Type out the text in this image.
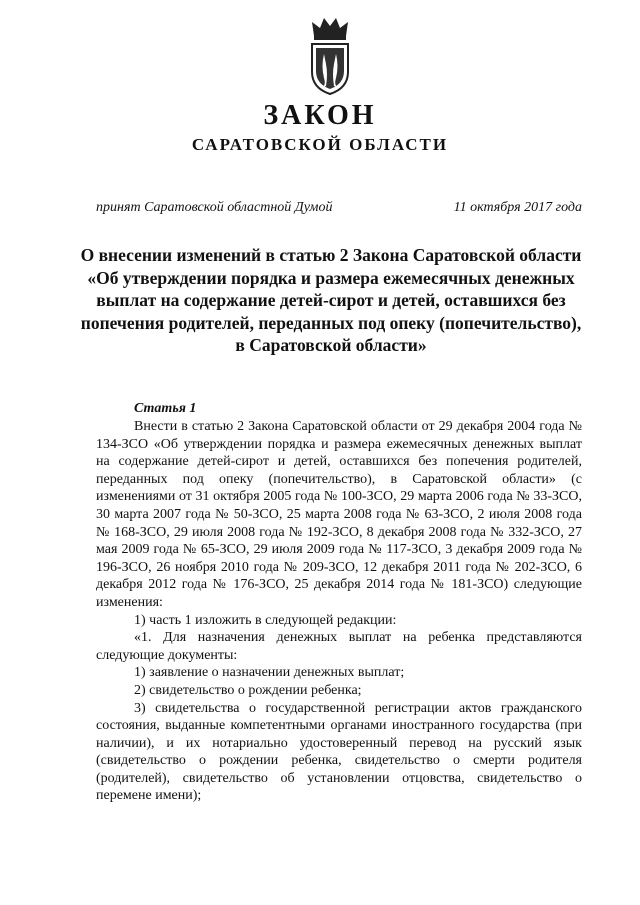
ЗАКОН
САРАТОВСКОЙ ОБЛАСТИ
принят Саратовской областной Думой	11 октября 2017 года
О внесении изменений в статью 2 Закона Саратовской области «Об утверждении порядка и размера ежемесячных денежных выплат на содержание детей-сирот и детей, оставшихся без попечения родителей, переданных под опеку (попечительство), в Саратовской области»
Статья 1

Внести в статью 2 Закона Саратовской области от 29 декабря 2004 года № 134-ЗСО «Об утверждении порядка и размера ежемесячных денежных выплат на содержание детей-сирот и детей, оставшихся без попечения родителей, переданных под опеку (попечительство), в Саратовской области» (с изменениями от 31 октября 2005 года № 100-ЗСО, 29 марта 2006 года № 33-ЗСО, 30 марта 2007 года № 50-ЗСО, 25 марта 2008 года № 63-ЗСО, 2 июля 2008 года № 168-ЗСО, 29 июля 2008 года № 192-ЗСО, 8 декабря 2008 года № 332-ЗСО, 27 мая 2009 года № 65-ЗСО, 29 июля 2009 года № 117-ЗСО, 3 декабря 2009 года № 196-ЗСО, 26 ноября 2010 года № 209-ЗСО, 12 декабря 2011 года № 202-ЗСО, 6 декабря 2012 года № 176-ЗСО, 25 декабря 2014 года № 181-ЗСО) следующие изменения:

1) часть 1 изложить в следующей редакции:

«1. Для назначения денежных выплат на ребенка представляются следующие документы:

1) заявление о назначении денежных выплат;

2) свидетельство о рождении ребенка;

3) свидетельства о государственной регистрации актов гражданского состояния, выданные компетентными органами иностранного государства (при наличии), и их нотариально удостоверенный перевод на русский язык (свидетельство о рождении ребенка, свидетельство о смерти родителя (родителей), свидетельство об установлении отцовства, свидетельство о перемене имени);
